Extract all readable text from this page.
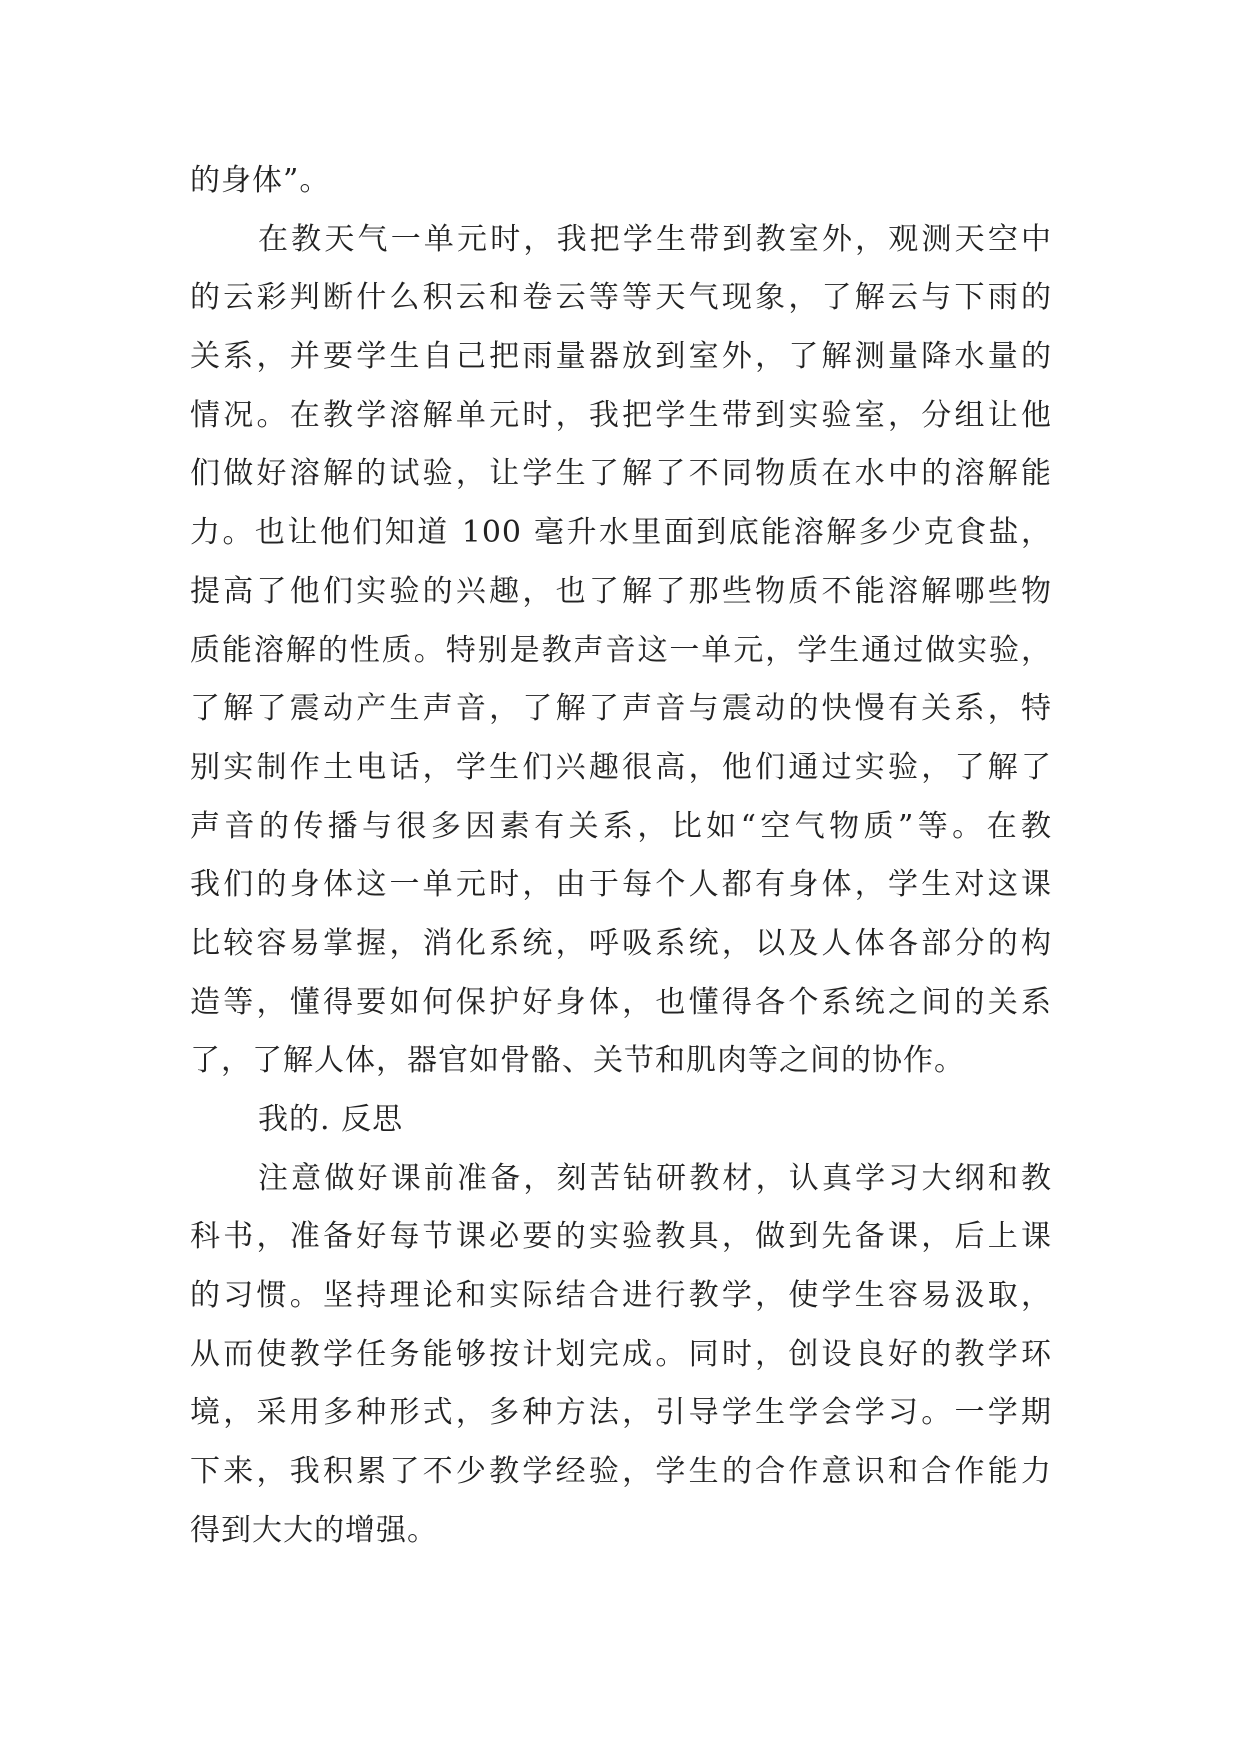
的身体”。
在教天气一单元时，我把学生带到教室外，观测天空中
的云彩判断什么积云和卷云等等天气现象，了解云与下雨的
关系，并要学生自己把雨量器放到室外，了解测量降水量的
情况。在教学溶解单元时，我把学生带到实验室，分组让他
们做好溶解的试验，让学生了解了不同物质在水中的溶解能
力。也让他们知道 100 毫升水里面到底能溶解多少克食盐，
提高了他们实验的兴趣，也了解了那些物质不能溶解哪些物
质能溶解的性质。特别是教声音这一单元，学生通过做实验，
了解了震动产生声音，了解了声音与震动的快慢有关系，特
别实制作土电话，学生们兴趣很高，他们通过实验，了解了
声音的传播与很多因素有关系，比如“空气物质”等。在教
我们的身体这一单元时，由于每个人都有身体，学生对这课
比较容易掌握，消化系统，呼吸系统，以及人体各部分的构
造等，懂得要如何保护好身体，也懂得各个系统之间的关系
了，了解人体，器官如骨骼、关节和肌肉等之间的协作。
我的. 反思
注意做好课前准备，刻苦钻研教材，认真学习大纲和教
科书，准备好每节课必要的实验教具，做到先备课，后上课
的习惯。坚持理论和实际结合进行教学，使学生容易汲取，
从而使教学任务能够按计划完成。同时，创设良好的教学环
境，采用多种形式，多种方法，引导学生学会学习。一学期
下来，我积累了不少教学经验，学生的合作意识和合作能力
得到大大的增强。
